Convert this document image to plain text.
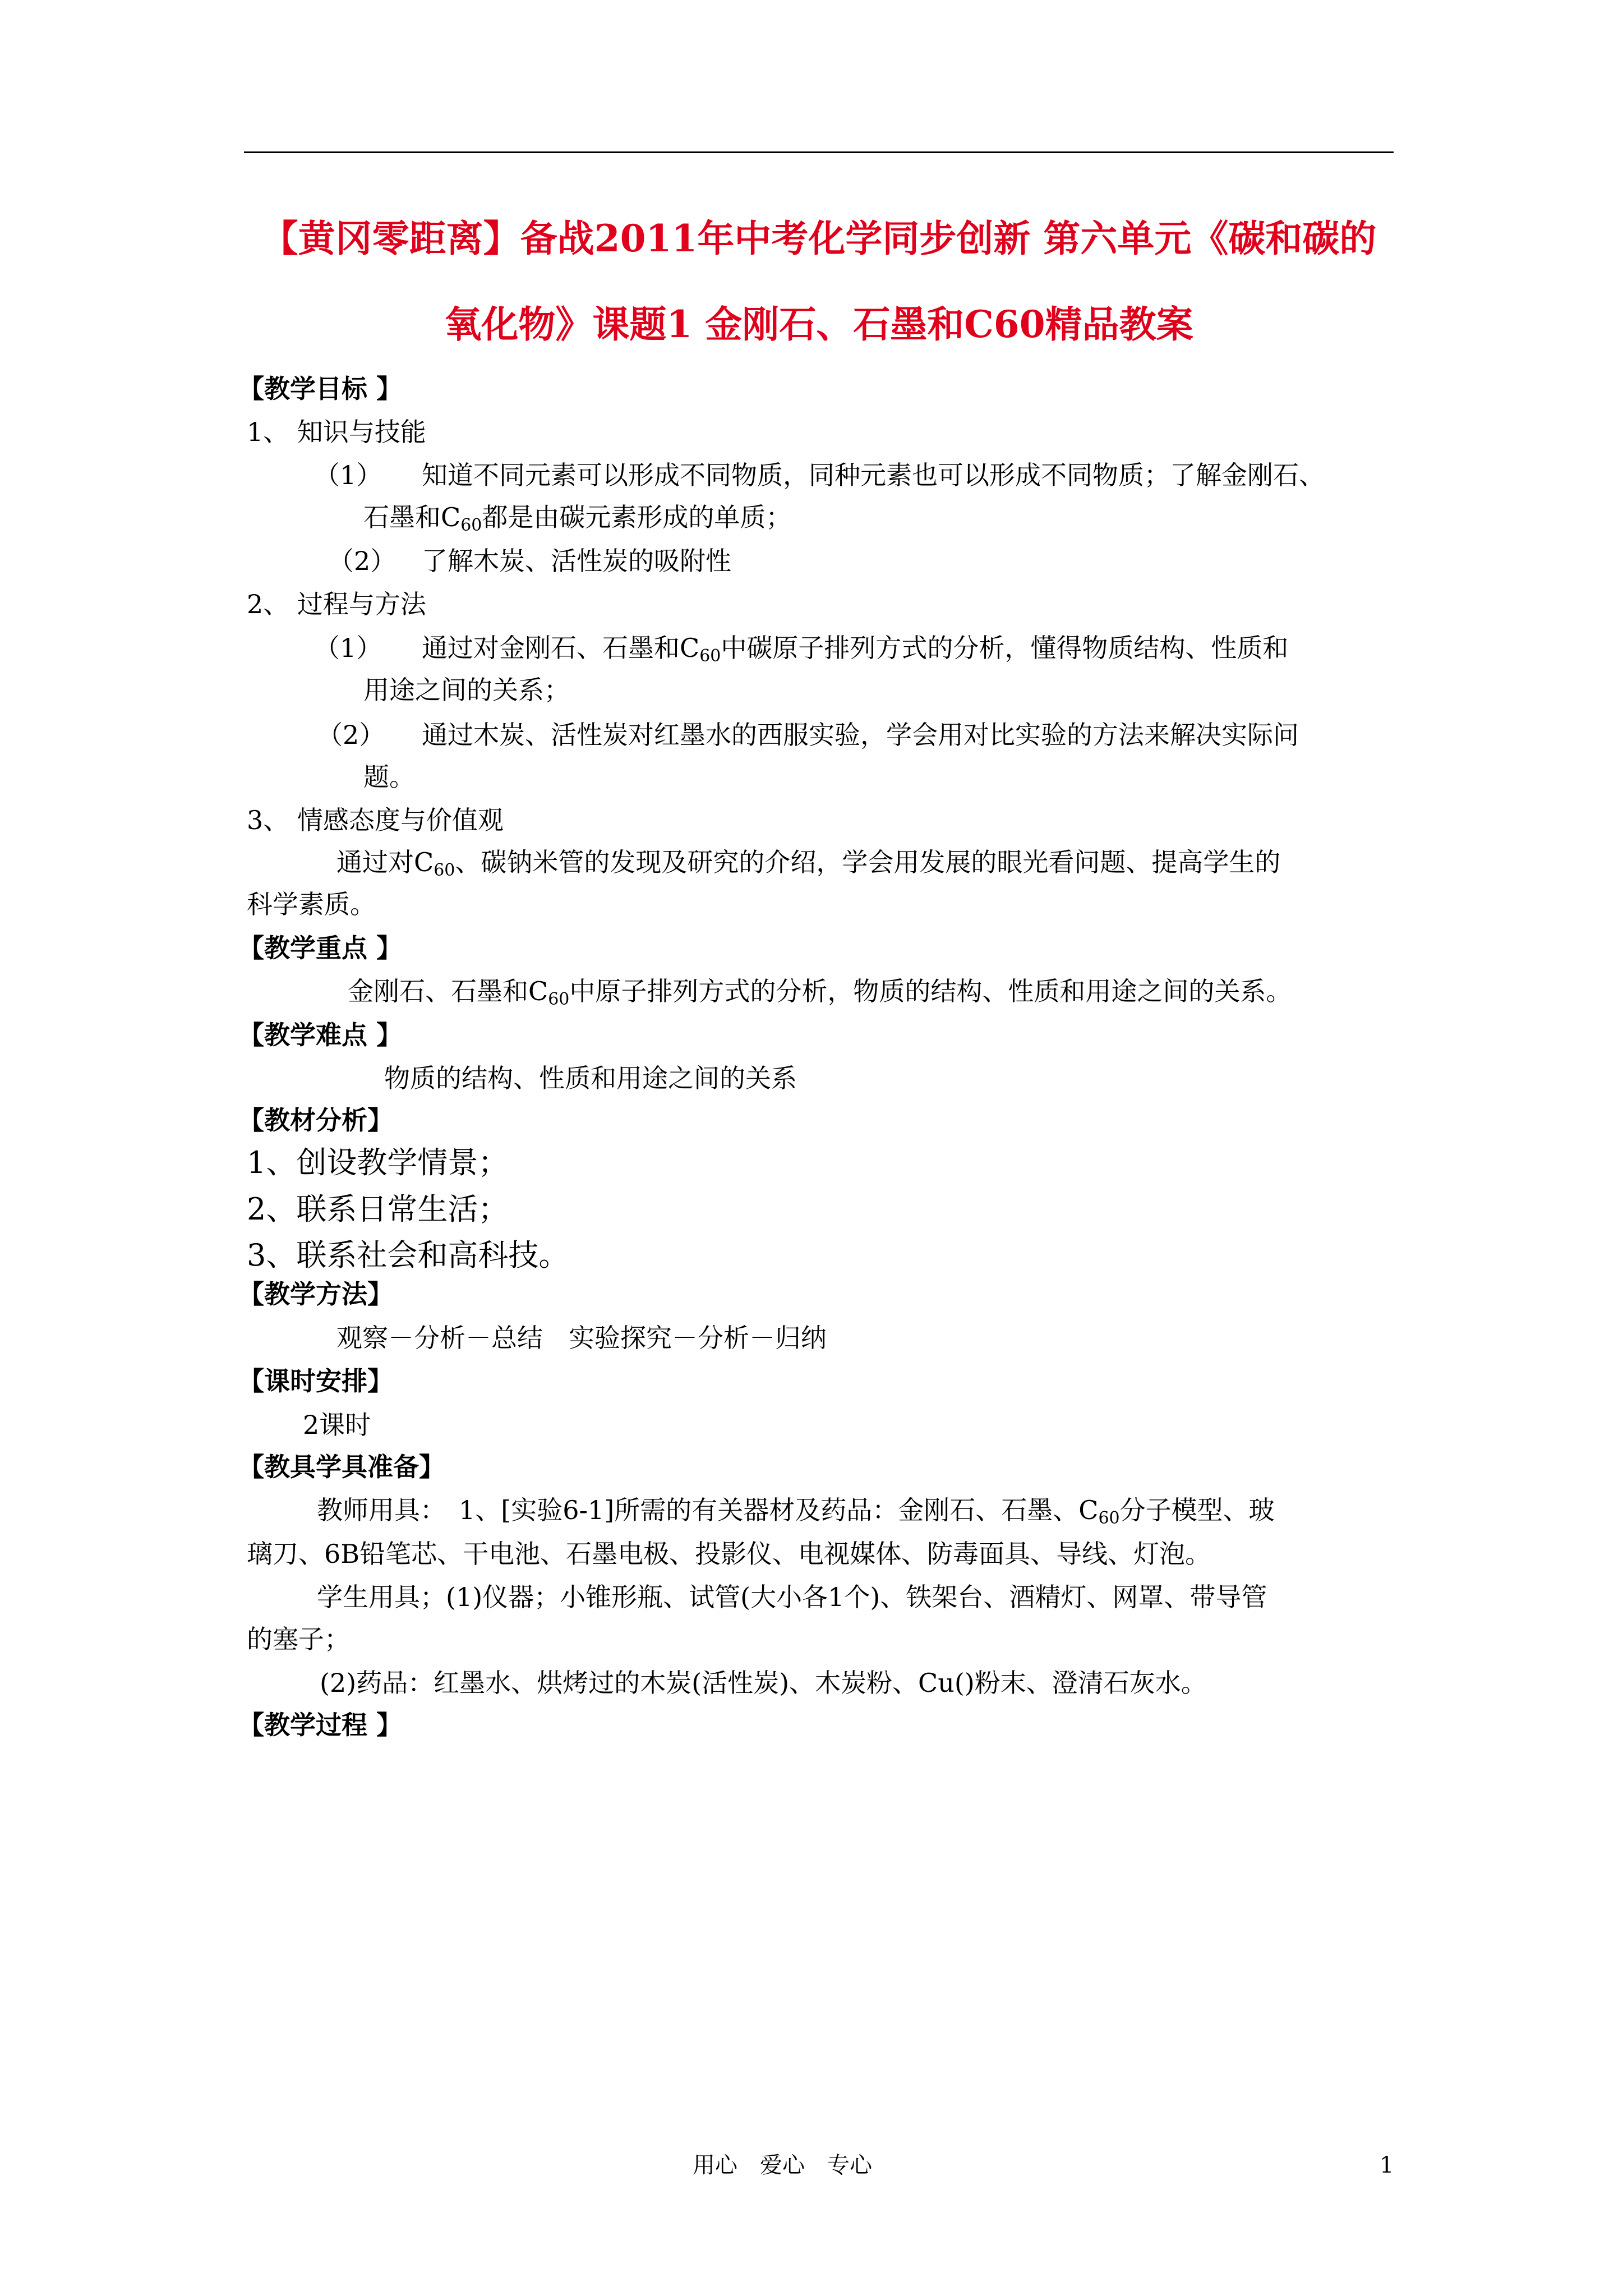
【黄冈零距离】备战2011年中考化学同步创新 第六单元《碳和碳的
氧化物》课题1 金刚石、石墨和C60精品教案
【教学目标 】
1、 知识与技能
（1） 知道不同元素可以形成不同物质，同种元素也可以形成不同物质；了解金刚石、
石墨和$C_{60}$都是由碳元素形成的单质；
（2） 了解木炭、活性炭的吸附性
2、 过程与方法
（1） 通过对金刚石、石墨和$C_{60}$中碳原子排列方式的分析，懂得物质结构、性质和
用途之间的关系；
（2） 通过木炭、活性炭对红墨水的西服实验，学会用对比实验的方法来解决实际问
题。
3、 情感态度与价值观
通过对$C_{60}$、碳钠米管的发现及研究的介绍，学会用发展的眼光看问题、提高学生的
科学素质。
【教学重点 】
金刚石、石墨和$C_{60}$中原子排列方式的分析，物质的结构、性质和用途之间的关系。
【教学难点 】
物质的结构、性质和用途之间的关系
【教材分析】
1、创设教学情景；
2、联系日常生活；
3、联系社会和高科技。
【教学方法】
观察－分析－总结　实验探究－分析－归纳
【课时安排】
2课时
【教具学具准备】
教师用具：　1、[实验6-1]所需的有关器材及药品：金刚石、石墨、$C_{60}$分子模型、玻
璃刀、6B铅笔芯、干电池、石墨电极、投影仪、电视媒体、防毒面具、导线、灯泡。
学生用具；(1)仪器；小锥形瓶、试管(大小各1个)、铁架台、酒精灯、网罩、带导管
的塞子；
(2)药品：红墨水、烘烤过的木炭(活性炭)、木炭粉、Cu()粉末、澄清石灰水。
【教学过程 】
用心　爱心　专心	1
